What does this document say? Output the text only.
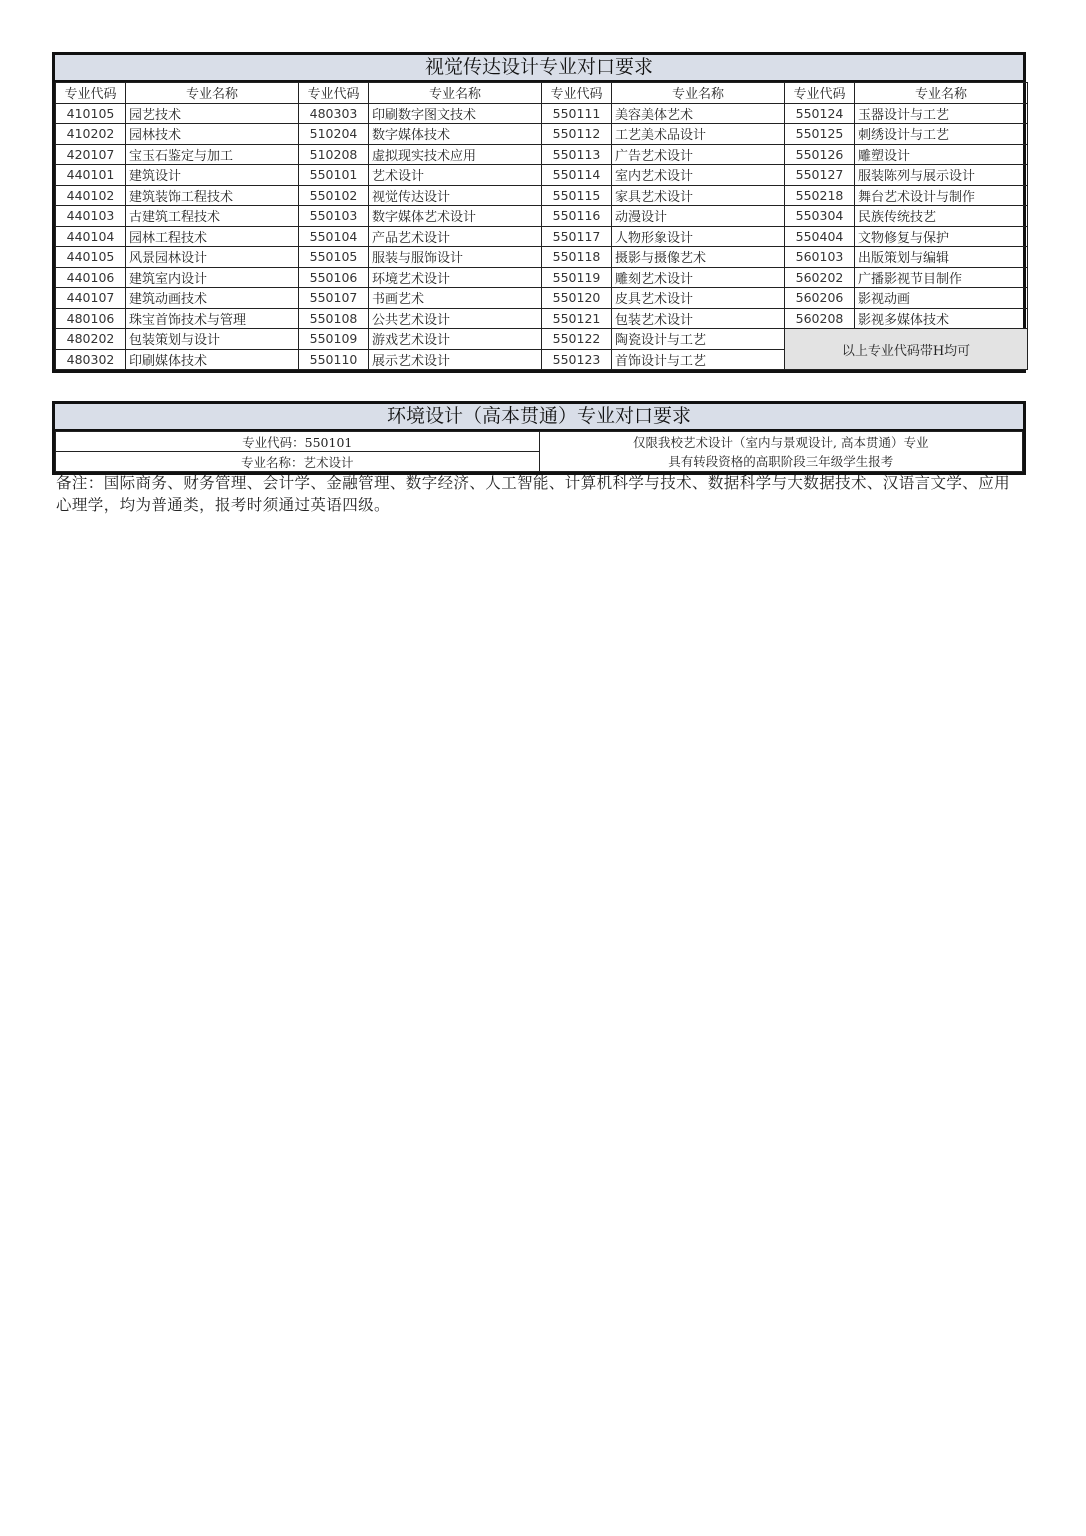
视觉传达设计专业对口要求
专业代码	专业名称	专业代码	专业名称	专业代码	专业名称	专业代码	专业名称
410105	园艺技术	480303	印刷数字图文技术	550111	美容美体艺术	550124	玉器设计与工艺
410202	园林技术	510204	数字媒体技术	550112	工艺美术品设计	550125	刺绣设计与工艺
420107	宝玉石鉴定与加工	510208	虚拟现实技术应用	550113	广告艺术设计	550126	雕塑设计
440101	建筑设计	550101	艺术设计	550114	室内艺术设计	550127	服装陈列与展示设计
440102	建筑装饰工程技术	550102	视觉传达设计	550115	家具艺术设计	550218	舞台艺术设计与制作
440103	古建筑工程技术	550103	数字媒体艺术设计	550116	动漫设计	550304	民族传统技艺
440104	园林工程技术	550104	产品艺术设计	550117	人物形象设计	550404	文物修复与保护
440105	风景园林设计	550105	服装与服饰设计	550118	摄影与摄像艺术	560103	出版策划与编辑
440106	建筑室内设计	550106	环境艺术设计	550119	雕刻艺术设计	560202	广播影视节目制作
440107	建筑动画技术	550107	书画艺术	550120	皮具艺术设计	560206	影视动画
480106	珠宝首饰技术与管理	550108	公共艺术设计	550121	包装艺术设计	560208	影视多媒体技术
480202	包装策划与设计	550109	游戏艺术设计	550122	陶瓷设计与工艺	以上专业代码带H均可	
480302	印刷媒体技术	550110	展示艺术设计	550123	首饰设计与工艺		
环境设计（高本贯通）专业对口要求
专业代码：550101	仅限我校艺术设计（室内与景观设计, 高本贯通）专业
具有转段资格的高职阶段三年级学生报考

专业名称：艺术设计
备注：国际商务、财务管理、会计学、金融管理、数字经济、人工智能、计算机科学与技术、数据科学与大数据技术、汉语言文学、应用心理学，均为普通类，报考时须通过英语四级。
